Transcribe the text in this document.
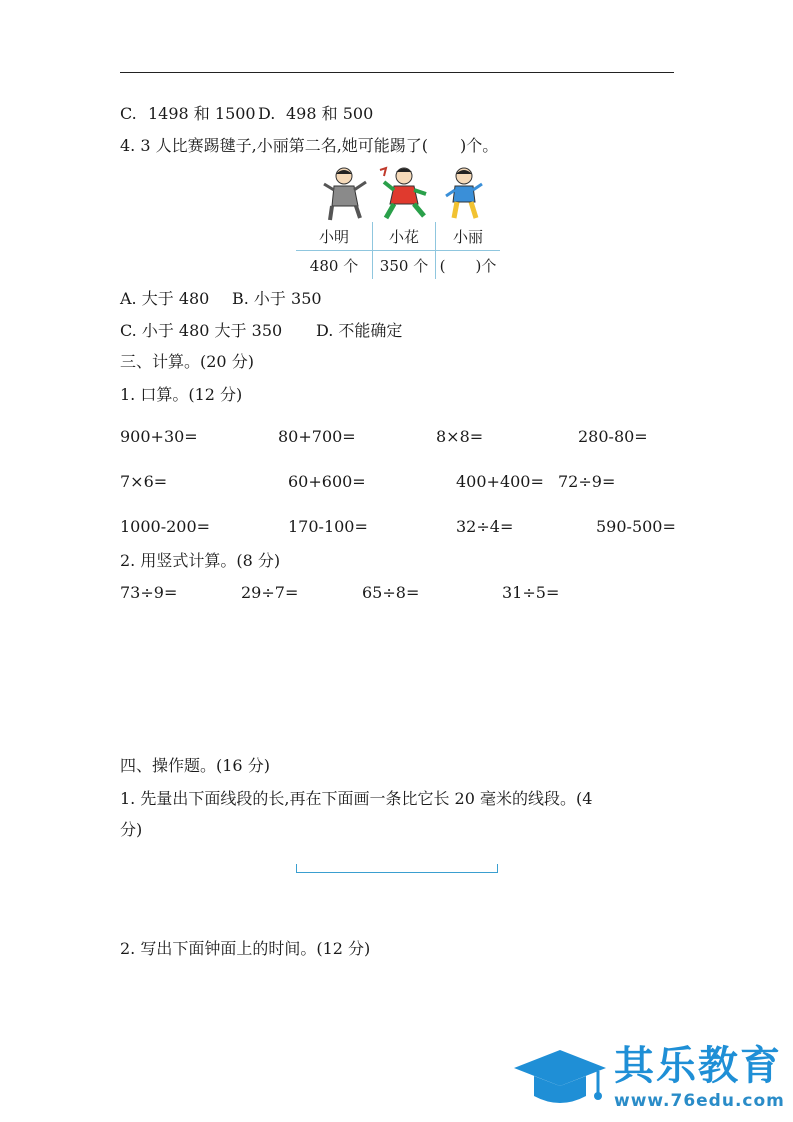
C. 1498 和 1500 D. 498 和 500
4. 3 人比赛踢毽子,小丽第二名,她可能踢了(　　)个。
小明	小花	小丽
480 个	350 个	(　　)个
A. 大于 480 B. 小于 350
C. 小于 480 大于 350 D. 不能确定
三、计算。(20 分)
1. 口算。(12 分)
900+30=	80+700=	8×8=	280-80=
7×6=	60+600=	400+400= 72÷9=
1000-200=	170-100=	32÷4=	590-500=
2. 用竖式计算。(8 分)
73÷9=	29÷7=	65÷8=	31÷5=
四、操作题。(16 分)
1. 先量出下面线段的长,再在下面画一条比它长 20 毫米的线段。(4
分)
2. 写出下面钟面上的时间。(12 分)
其乐教育
www.76edu.com
